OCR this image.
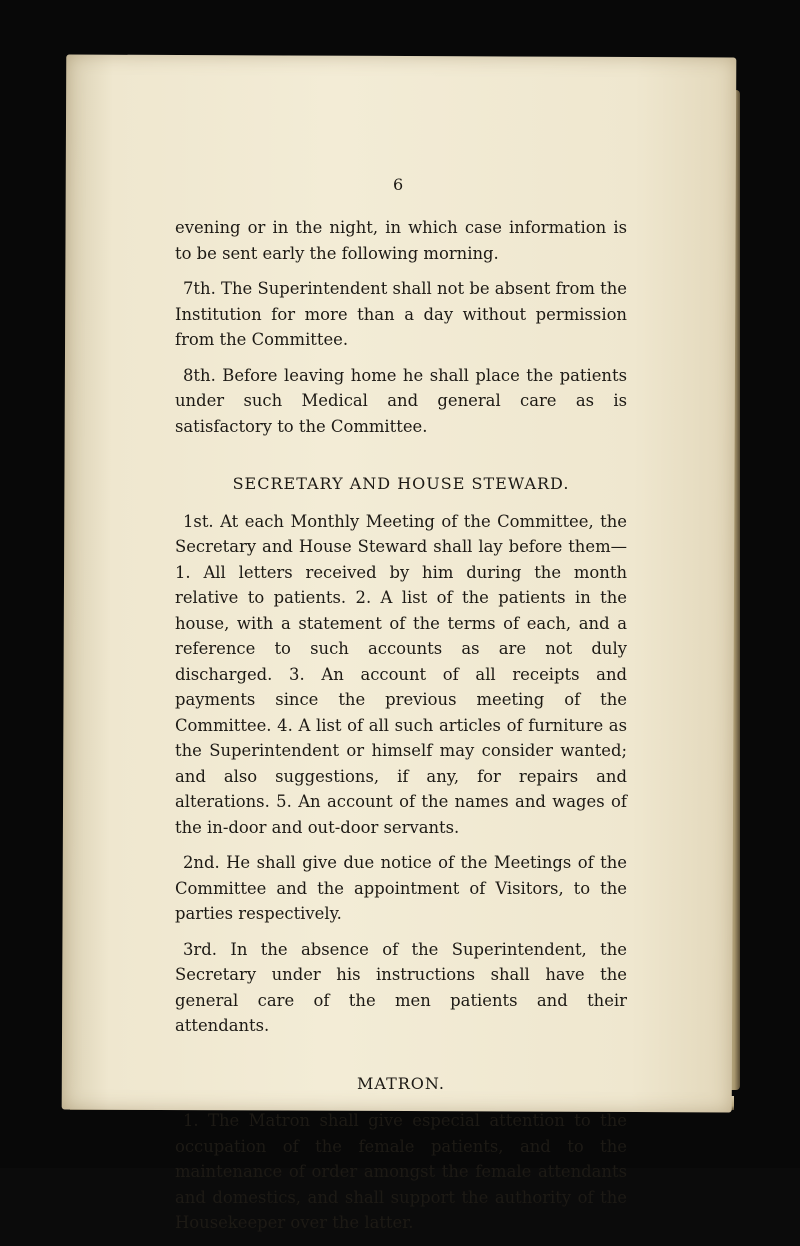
6

evening or in the night, in which case information is to be sent early the following morning.

7th. The Superintendent shall not be absent from the Institution for more than a day without permission from the Committee.

8th. Before leaving home he shall place the patients under such Medical and general care as is satisfactory to the Committee.

SECRETARY AND HOUSE STEWARD.

1st. At each Monthly Meeting of the Committee, the Secretary and House Steward shall lay before them—1. All letters received by him during the month relative to patients. 2. A list of the patients in the house, with a statement of the terms of each, and a reference to such accounts as are not duly discharged. 3. An account of all receipts and payments since the previous meeting of the Committee. 4. A list of all such articles of furniture as the Superintendent or himself may consider wanted; and also suggestions, if any, for repairs and alterations. 5. An account of the names and wages of the in-door and out-door servants.

2nd. He shall give due notice of the Meetings of the Committee and the appointment of Visitors, to the parties respectively.

3rd. In the absence of the Superintendent, the Secretary under his instructions shall have the general care of the men patients and their attendants.

MATRON.

1. The Matron shall give especial attention to the occupation of the female patients, and to the maintenance of order amongst the female attendants and domestics, and shall support the authority of the Housekeeper over the latter.
